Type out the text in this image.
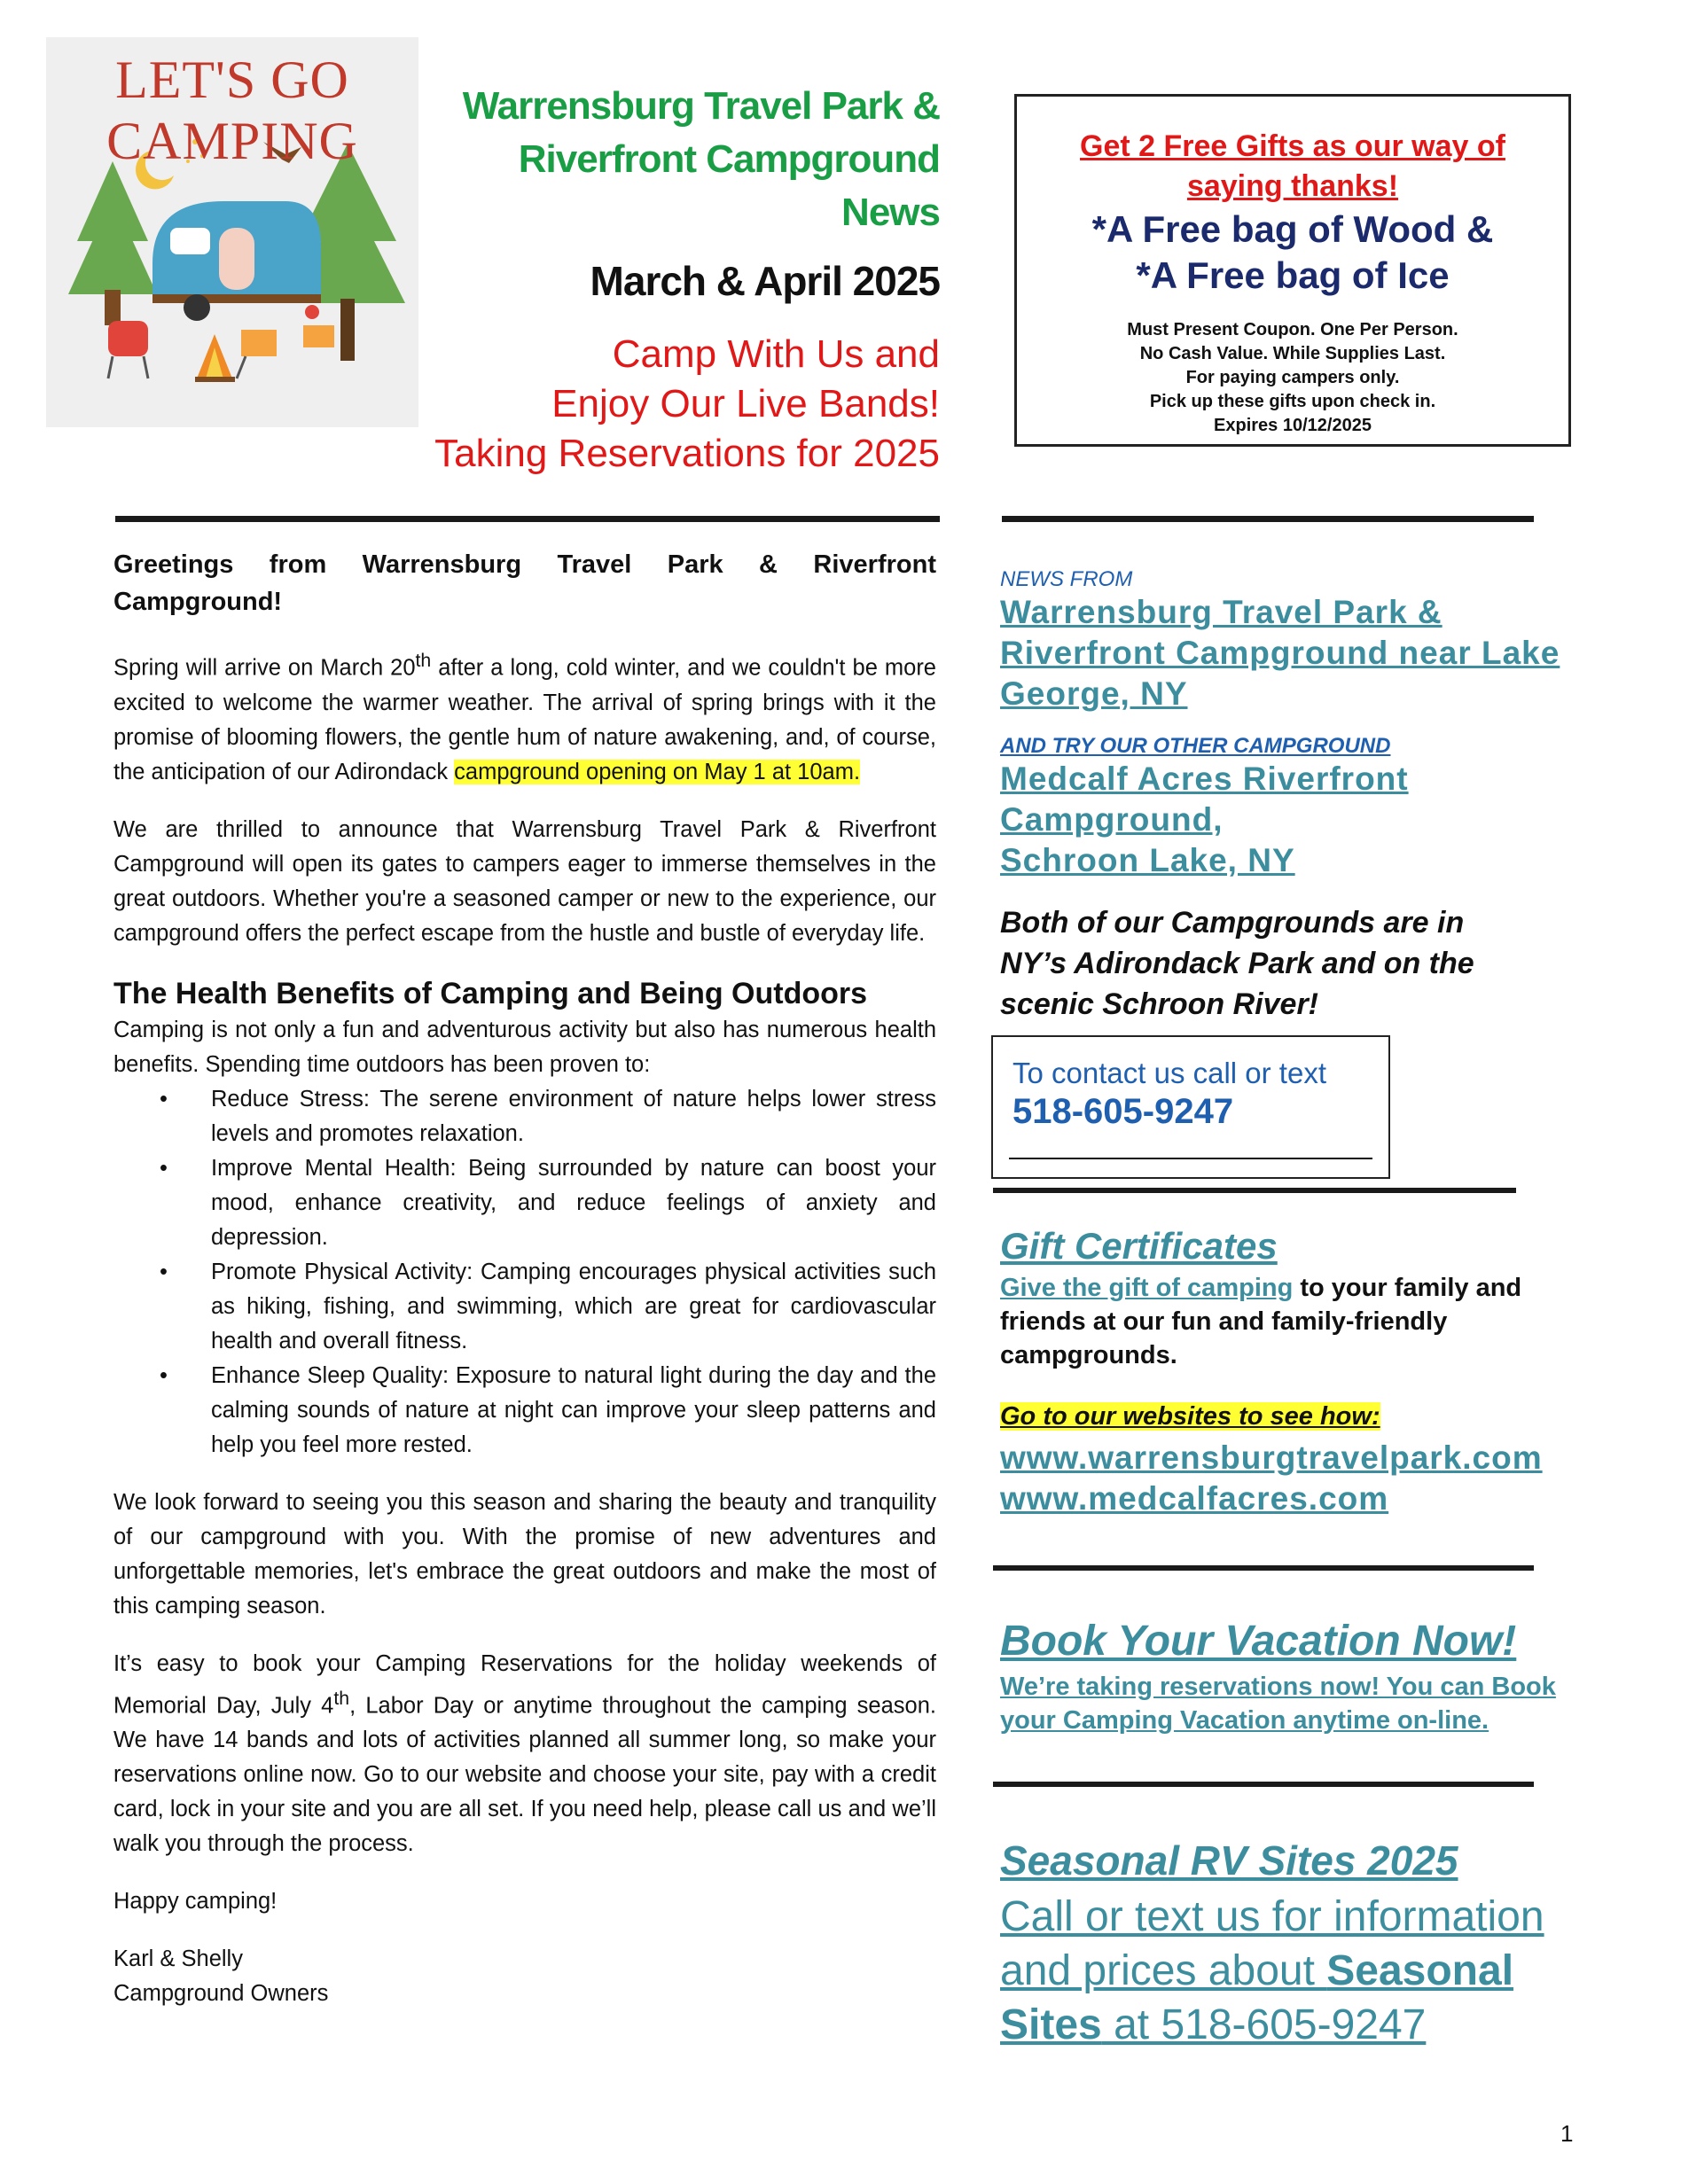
LET'S GO CAMPING
Warrensburg Travel Park &
Riverfront Campground
News
March & April 2025
Camp With Us and
Enjoy Our Live Bands!
Taking Reservations for 2025
Get 2 Free Gifts as our way of
saying thanks!
*A Free bag of Wood &
*A Free bag of Ice
Must Present Coupon. One Per Person.
No Cash Value. While Supplies Last.
For paying campers only.
Pick up these gifts upon check in.
Expires 10/12/2025

Greetings from Warrensburg Travel Park & Riverfront Campground!

Spring will arrive on March 20th after a long, cold winter, and we couldn't be more excited to welcome the warmer weather. The arrival of spring brings with it the promise of blooming flowers, the gentle hum of nature awakening, and, of course, the anticipation of our Adirondack campground opening on May 1 at 10am.

We are thrilled to announce that Warrensburg Travel Park & Riverfront Campground will open its gates to campers eager to immerse themselves in the great outdoors. Whether you're a seasoned camper or new to the experience, our campground offers the perfect escape from the hustle and bustle of everyday life.

The Health Benefits of Camping and Being Outdoors
Camping is not only a fun and adventurous activity but also has numerous health benefits. Spending time outdoors has been proven to:
• Reduce Stress: The serene environment of nature helps lower stress levels and promotes relaxation.
• Improve Mental Health: Being surrounded by nature can boost your mood, enhance creativity, and reduce feelings of anxiety and depression.
• Promote Physical Activity: Camping encourages physical activities such as hiking, fishing, and swimming, which are great for cardiovascular health and overall fitness.
• Enhance Sleep Quality: Exposure to natural light during the day and the calming sounds of nature at night can improve your sleep patterns and help you feel more rested.

We look forward to seeing you this season and sharing the beauty and tranquility of our campground with you. With the promise of new adventures and unforgettable memories, let's embrace the great outdoors and make the most of this camping season.

It’s easy to book your Camping Reservations for the holiday weekends of Memorial Day, July 4th, Labor Day or anytime throughout the camping season. We have 14 bands and lots of activities planned all summer long, so make your reservations online now. Go to our website and choose your site, pay with a credit card, lock in your site and you are all set. If you need help, please call us and we’ll walk you through the process.

Happy camping!

Karl & Shelly
Campground Owners
NEWS FROM
Warrensburg Travel Park &
Riverfront Campground near Lake
George, NY
AND TRY OUR OTHER CAMPGROUND
Medcalf Acres Riverfront
Campground,
Schroon Lake, NY
Both of our Campgrounds are in
NY’s Adirondack Park and on the
scenic Schroon River!
To contact us call or text
518-605-9247
Gift Certificates
Give the gift of camping to your family and friends at our fun and family-friendly campgrounds.
Go to our websites to see how:
www.warrensburgtravelpark.com
www.medcalfacres.com
Book Your Vacation Now!
We’re taking reservations now! You can Book your Camping Vacation anytime on-line.
Seasonal RV Sites 2025
Call or text us for information and prices about Seasonal Sites at 518-605-9247
1
